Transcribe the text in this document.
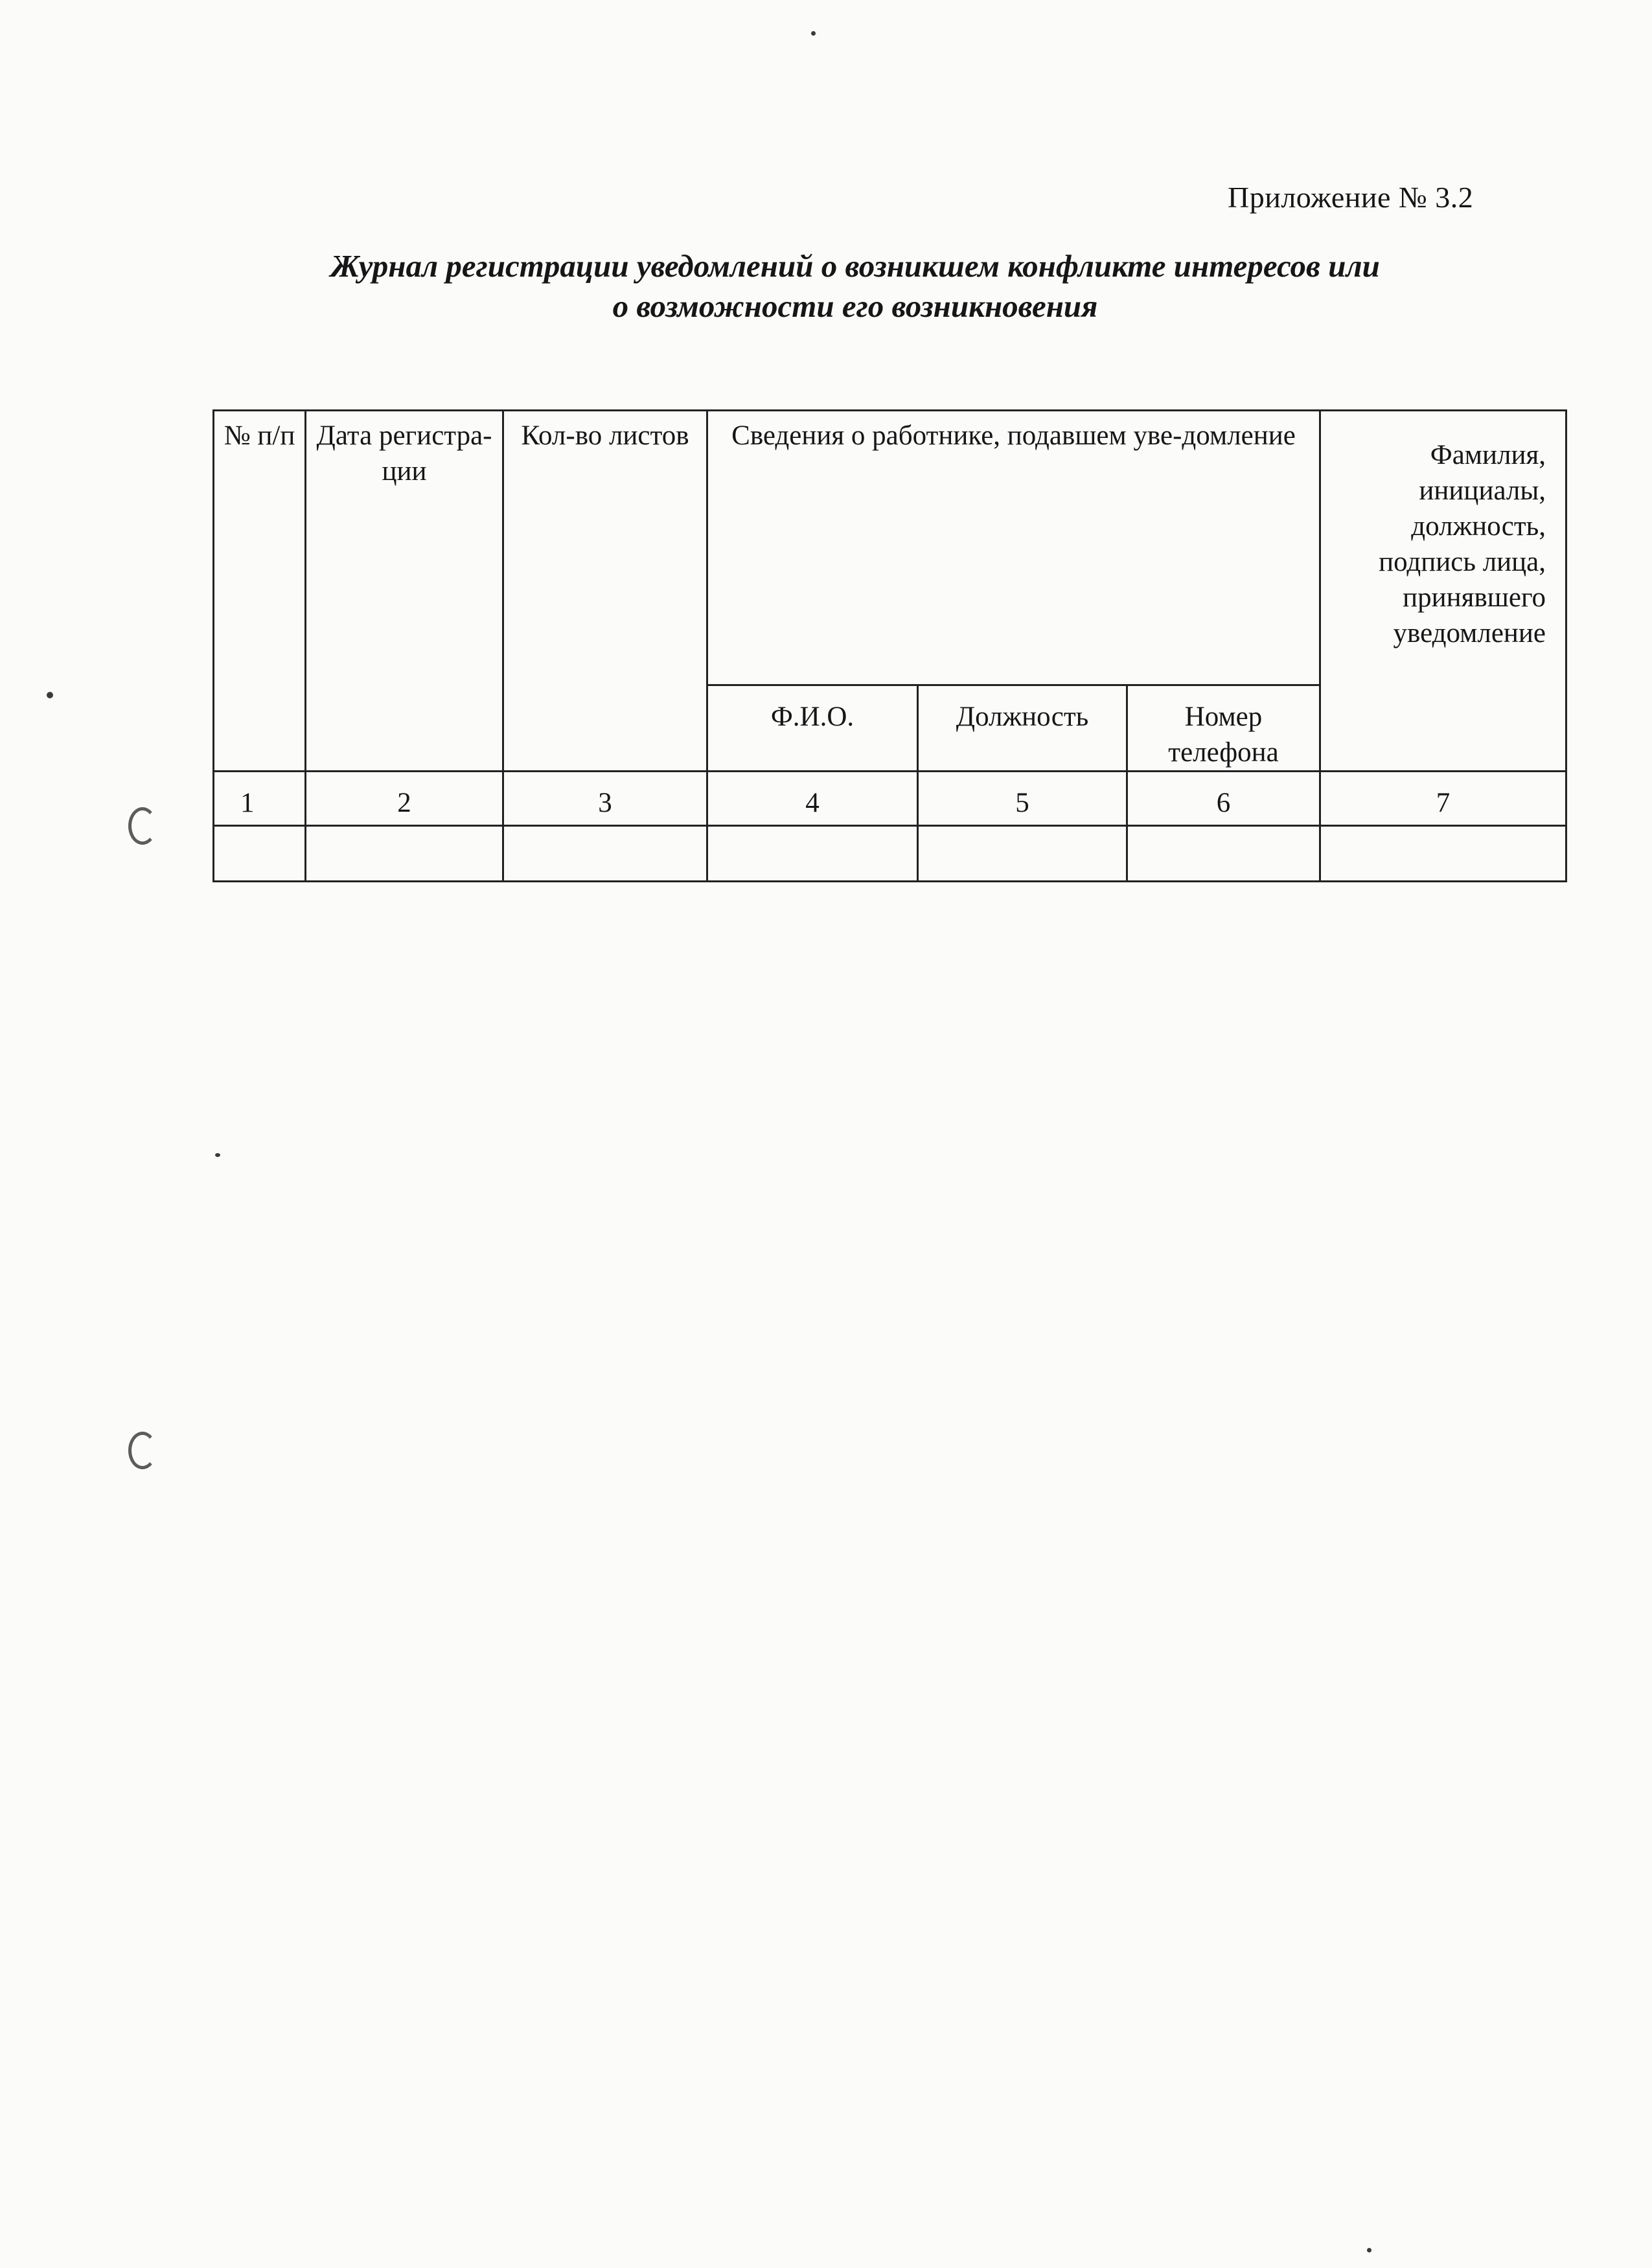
Приложение № 3.2
Журнал регистрации уведомлений о возникшем конфликте интересов или
о возможности его возникновения
№ п/п	Дата регистра-ции	Кол-во листов	Сведения о работнике, подавшем уве-домление			Фамилия, инициалы, должность, подпись лица, принявшего уведомление
			Ф.И.О.	Должность	Номер телефона	
1	2	3	4	5	6	7
